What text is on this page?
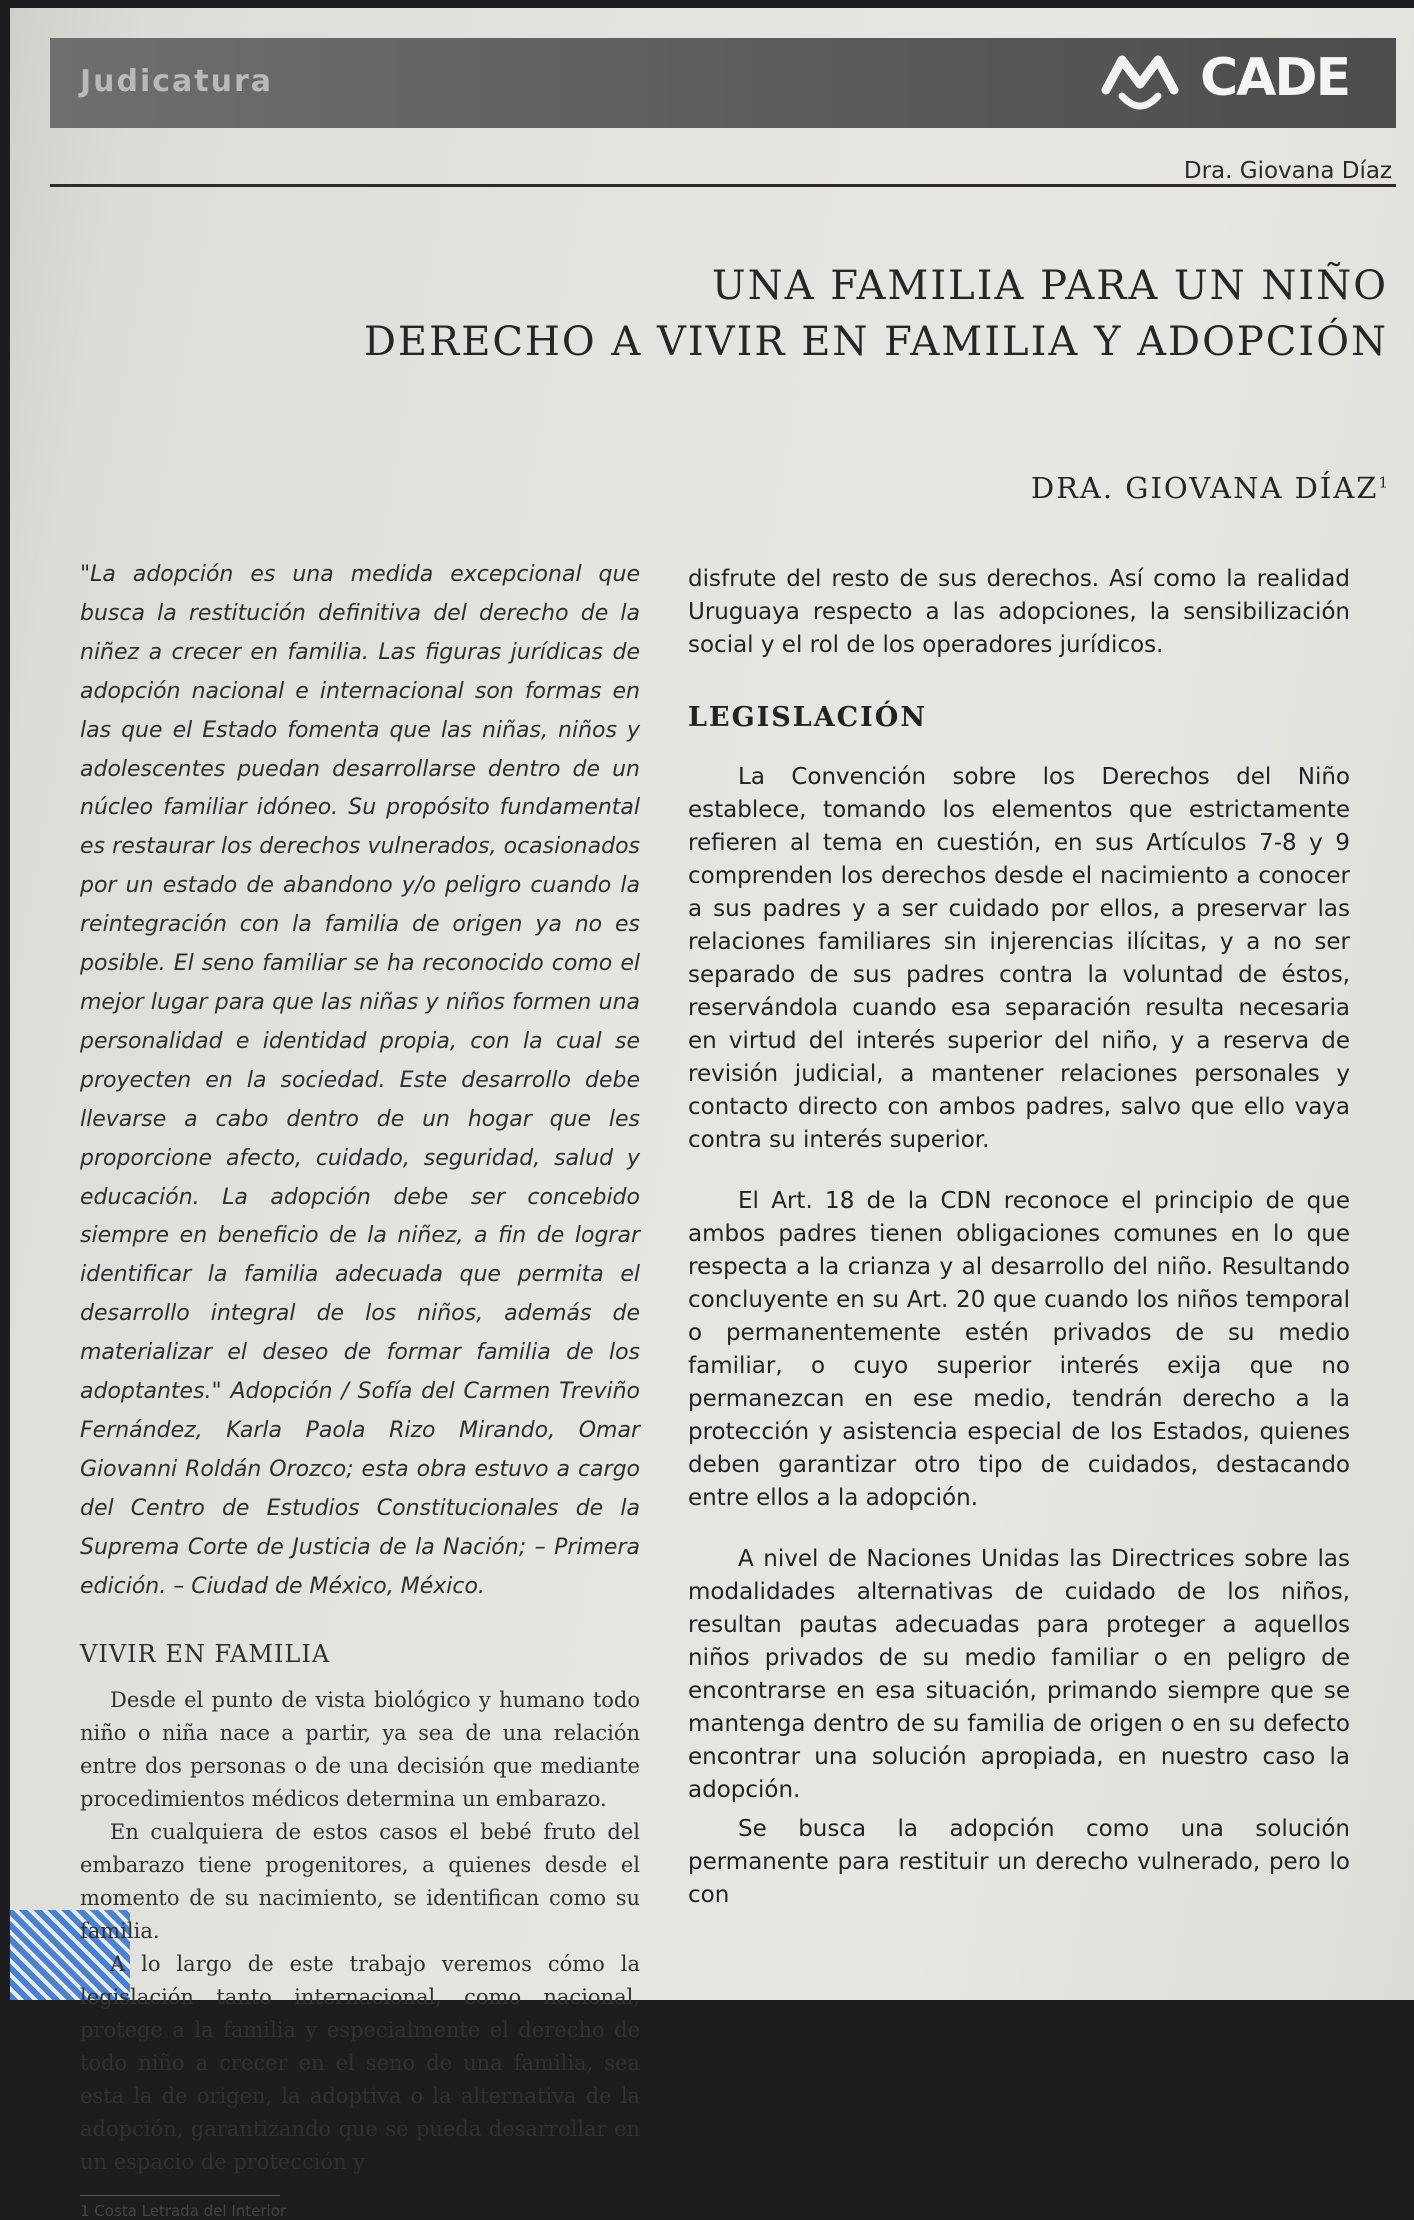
Judicatura	CADE
Dra. Giovana Díaz
UNA FAMILIA PARA UN NIÑO
DERECHO A VIVIR EN FAMILIA Y ADOPCIÓN
DRA. GIOVANA DÍAZ$^1$

"La adopción es una medida excepcional que busca la restitución definitiva del derecho de la niñez a crecer en familia. Las figuras jurídicas de adopción nacional e internacional son formas en las que el Estado fomenta que las niñas, niños y adolescentes puedan desarrollarse dentro de un núcleo familiar idóneo. Su propósito fundamental es restaurar los derechos vulnerados, ocasionados por un estado de abandono y/o peligro cuando la reintegración con la familia de origen ya no es posible. El seno familiar se ha reconocido como el mejor lugar para que las niñas y niños formen una personalidad e identidad propia, con la cual se proyecten en la sociedad. Este desarrollo debe llevarse a cabo dentro de un hogar que les proporcione afecto, cuidado, seguridad, salud y educación. La adopción debe ser concebido siempre en beneficio de la niñez, a fin de lograr identificar la familia adecuada que permita el desarrollo integral de los niños, además de materializar el deseo de formar familia de los adoptantes." Adopción / Sofía del Carmen Treviño Fernández, Karla Paola Rizo Mirando, Omar Giovanni Roldán Orozco; esta obra estuvo a cargo del Centro de Estudios Constitucionales de la Suprema Corte de Justicia de la Nación; – Primera edición. – Ciudad de México, México.

VIVIR EN FAMILIA

Desde el punto de vista biológico y humano todo niño o niña nace a partir, ya sea de una relación entre dos personas o de una decisión que mediante procedimientos médicos determina un embarazo.

En cualquiera de estos casos el bebé fruto del embarazo tiene progenitores, a quienes desde el momento de su nacimiento, se identifican como su familia.

A lo largo de este trabajo veremos cómo la legislación tanto internacional, como nacional, protege a la familia y especialmente el derecho de todo niño a crecer en el seno de una familia, sea esta la de origen, la adoptiva o la alternativa de la adopción, garantizando que se pueda desarrollar en un espacio de protección y

1 Costa Letrada del Interior

disfrute del resto de sus derechos. Así como la realidad Uruguaya respecto a las adopciones, la sensibilización social y el rol de los operadores jurídicos.

LEGISLACIÓN

La Convención sobre los Derechos del Niño establece, tomando los elementos que estrictamente refieren al tema en cuestión, en sus Artículos 7-8 y 9 comprenden los derechos desde el nacimiento a conocer a sus padres y a ser cuidado por ellos, a preservar las relaciones familiares sin injerencias ilícitas, y a no ser separado de sus padres contra la voluntad de éstos, reservándola cuando esa separación resulta necesaria en virtud del interés superior del niño, y a reserva de revisión judicial, a mantener relaciones personales y contacto directo con ambos padres, salvo que ello vaya contra su interés superior.

El Art. 18 de la CDN reconoce el principio de que ambos padres tienen obligaciones comunes en lo que respecta a la crianza y al desarrollo del niño. Resultando concluyente en su Art. 20 que cuando los niños temporal o permanentemente estén privados de su medio familiar, o cuyo superior interés exija que no permanezcan en ese medio, tendrán derecho a la protección y asistencia especial de los Estados, quienes deben garantizar otro tipo de cuidados, destacando entre ellos a la adopción.

A nivel de Naciones Unidas las Directrices sobre las modalidades alternativas de cuidado de los niños, resultan pautas adecuadas para proteger a aquellos niños privados de su medio familiar o en peligro de encontrarse en esa situación, primando siempre que se mantenga dentro de su familia de origen o en su defecto encontrar una solución apropiada, en nuestro caso la adopción.

Se busca la adopción como una solución permanente para restituir un derecho vulnerado, pero lo con
